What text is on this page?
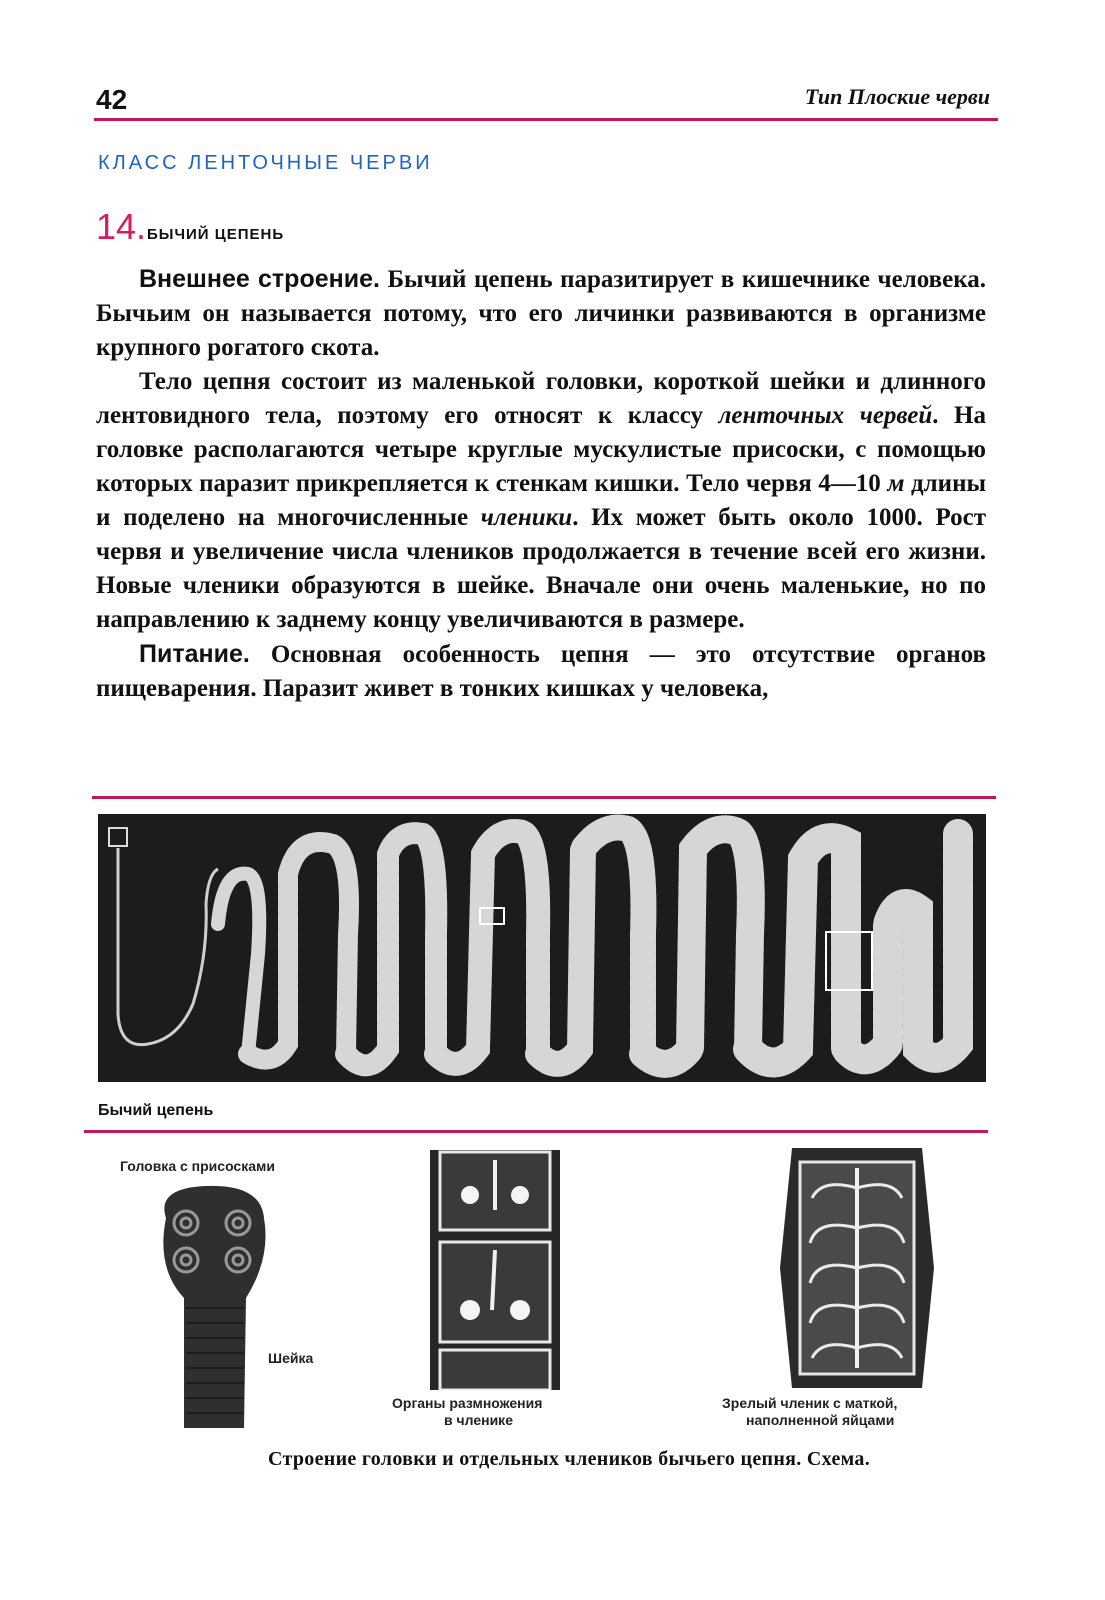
42	Тип Плоские черви
КЛАСС ЛЕНТОЧНЫЕ ЧЕРВИ
14. БЫЧИЙ ЦЕПЕНЬ

Внешнее строение. Бычий цепень паразитирует в кишечнике человека. Бычьим он называется потому, что его личинки развиваются в организме крупного рогатого скота.

Тело цепня состоит из маленькой головки, короткой шейки и длинного лентовидного тела, поэтому его относят к классу ленточных червей. На головке располагаются четыре круглые мускулистые присоски, с помощью которых паразит прикрепляется к стенкам кишки. Тело червя 4—10 м длины и поделено на многочисленные членики. Их может быть около 1000. Рост червя и увеличение числа члеников продолжается в течение всей его жизни. Новые членики образуются в шейке. Вначале они очень маленькие, но по направлению к заднему концу увеличиваются в размере.

Питание. Основная особенность цепня — это отсутствие органов пищеварения. Паразит живет в тонких кишках у человека,

Бычий цепень
Головка с присосками
Шейка
Органы размножения
в членике
Зрелый членик с маткой,
наполненной яйцами
Строение головки и отдельных члеников бычьего цепня. Схема.
